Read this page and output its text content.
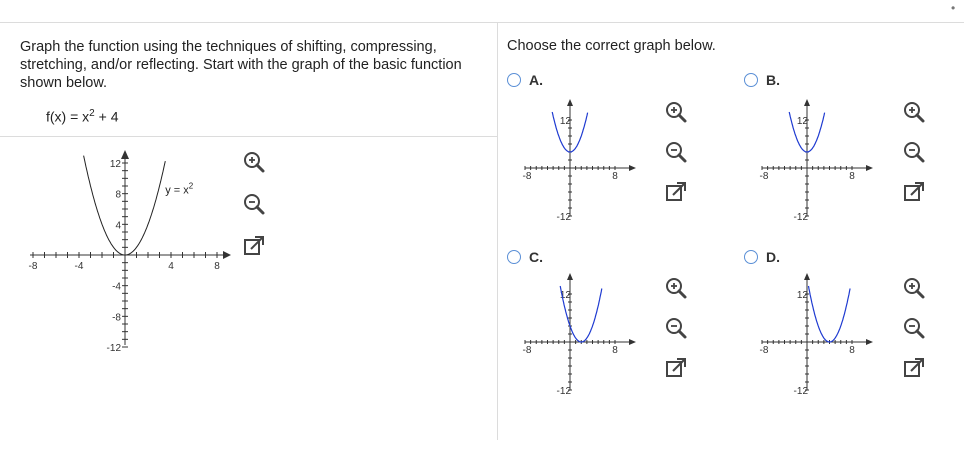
•
Graph the function using the techniques of shifting, compressing, stretching, and/or reflecting. Start with the graph of the basic function shown below.
$f(x) = x^2 + 4$
-8	-4	4	8
12
8
4
-4
-8
-12
$y = x^2$
Choose the correct graph below.
A.	B.
C.	D.
-8	8
12
-12
-8	8
12
-12
-8	8
12
-12
-8	8
12
-12
